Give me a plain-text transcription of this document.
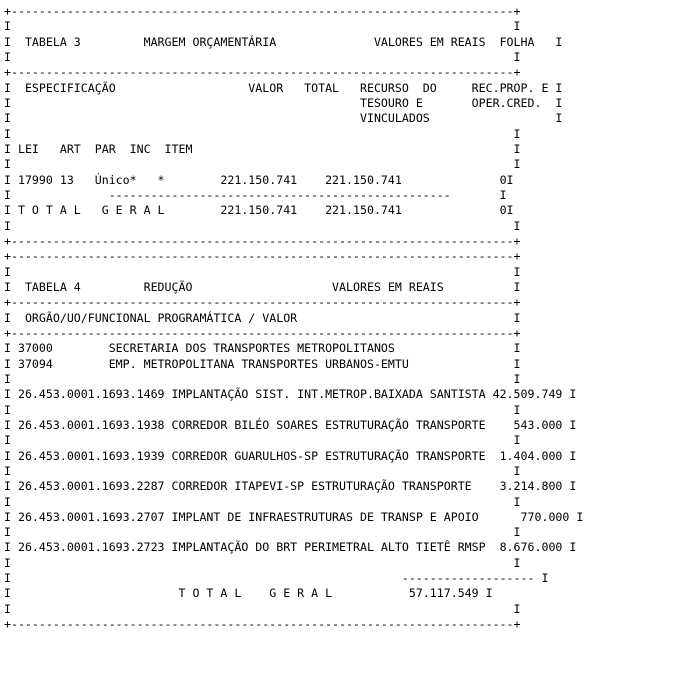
+------------------------------------------------------------------------+
I                                                                        I
I  TABELA 3         MARGEM ORÇAMENTÁRIA              VALORES EM REAIS  FOLHA   I
I                                                                        I
+------------------------------------------------------------------------+
I  ESPECIFICAÇÃO                   VALOR   TOTAL   RECURSO  DO     REC.PROP. E I
I                                                  TESOURO E       OPER.CRED.  I
I                                                  VINCULADOS                  I
I                                                                        I
I LEI   ART  PAR  INC  ITEM                                              I
I                                                                        I
I 17990 13   Único*   *        221.150.741    221.150.741              0I
I              -------------------------------------------------       I
I T O T A L   G E R A L        221.150.741    221.150.741              0I
I                                                                        I
+------------------------------------------------------------------------+
+------------------------------------------------------------------------+
I                                                                        I
I  TABELA 4         REDUÇÃO                    VALORES EM REAIS          I
+------------------------------------------------------------------------+
I  ORGÃO/UO/FUNCIONAL PROGRAMÁTICA / VALOR                               I
+------------------------------------------------------------------------+
I 37000        SECRETARIA DOS TRANSPORTES METROPOLITANOS                 I
I 37094        EMP. METROPOLITANA TRANSPORTES URBANOS-EMTU               I
I                                                                        I
I 26.453.0001.1693.1469 IMPLANTAÇÃO SIST. INT.METROP.BAIXADA SANTISTA 42.509.749 I
I                                                                        I
I 26.453.0001.1693.1938 CORREDOR BILÉO SOARES ESTRUTURAÇÃO TRANSPORTE    543.000 I
I                                                                        I
I 26.453.0001.1693.1939 CORREDOR GUARULHOS-SP ESTRUTURAÇÃO TRANSPORTE  1.404.000 I
I                                                                        I
I 26.453.0001.1693.2287 CORREDOR ITAPEVI-SP ESTRUTURAÇÃO TRANSPORTE    3.214.800 I
I                                                                        I
I 26.453.0001.1693.2707 IMPLANT DE INFRAESTRUTURAS DE TRANSP E APOIO      770.000 I
I                                                                        I
I 26.453.0001.1693.2723 IMPLANTAÇÃO DO BRT PERIMETRAL ALTO TIETÊ RMSP  8.676.000 I
I                                                                        I
I                                                        ------------------- I
I                        T O T A L    G E R A L           57.117.549 I
I                                                                        I
+------------------------------------------------------------------------+
